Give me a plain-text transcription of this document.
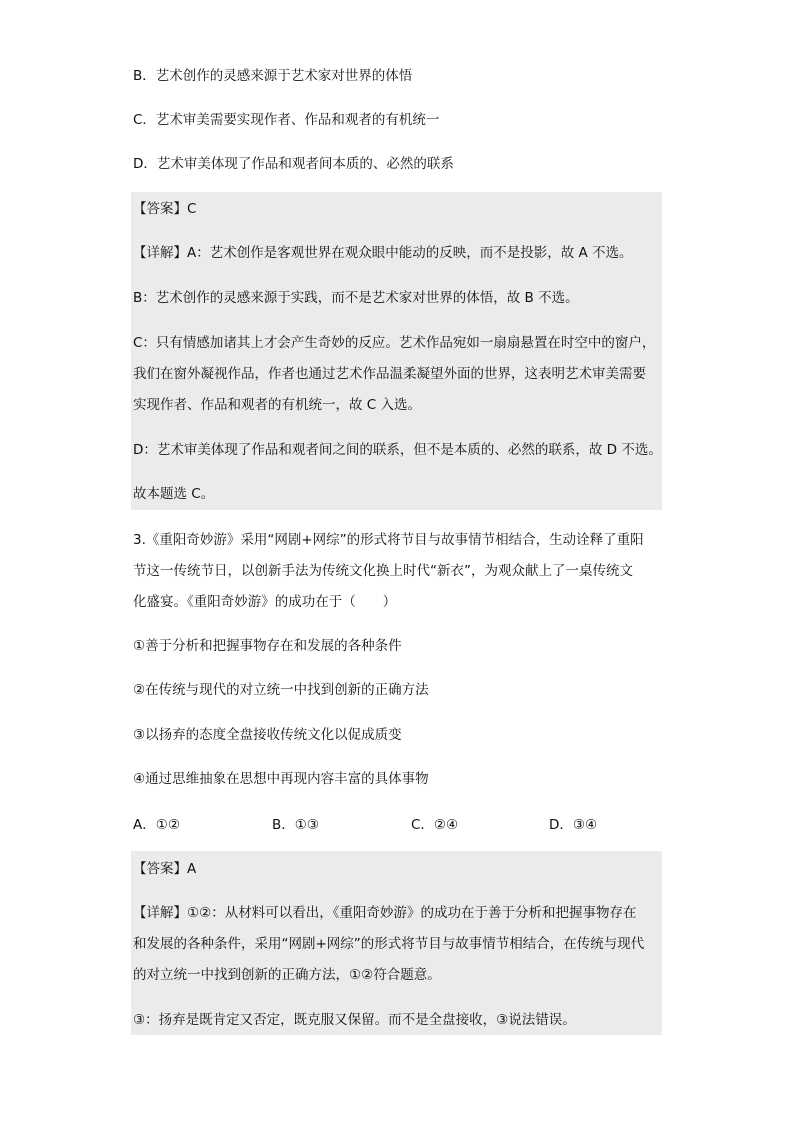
B．艺术创作的灵感来源于艺术家对世界的体悟
C．艺术审美需要实现作者、作品和观者的有机统一
D．艺术审美体现了作品和观者间本质的、必然的联系
【答案】C
【详解】A：艺术创作是客观世界在观众眼中能动的反映，而不是投影，故 A 不选。
B：艺术创作的灵感来源于实践，而不是艺术家对世界的体悟，故 B 不选。
C：只有情感加诸其上才会产生奇妙的反应。艺术作品宛如一扇扇悬置在时空中的窗户，
我们在窗外凝视作品，作者也通过艺术作品温柔凝望外面的世界，这表明艺术审美需要
实现作者、作品和观者的有机统一，故 C 入选。
D：艺术审美体现了作品和观者间之间的联系，但不是本质的、必然的联系，故 D 不选。
故本题选 C。
3.《重阳奇妙游》采用“网剧+网综”的形式将节目与故事情节相结合，生动诠释了重阳
节这一传统节日，以创新手法为传统文化换上时代“新衣”，为观众献上了一桌传统文
化盛宴。《重阳奇妙游》的成功在于（　　）
①善于分析和把握事物存在和发展的各种条件
②在传统与现代的对立统一中找到创新的正确方法
③以扬弃的态度全盘接收传统文化以促成质变
④通过思维抽象在思想中再现内容丰富的具体事物
A．①②	B．①③	C．②④	D．③④
【答案】A
【详解】①②：从材料可以看出，《重阳奇妙游》的成功在于善于分析和把握事物存在
和发展的各种条件，采用“网剧+网综”的形式将节目与故事情节相结合，在传统与现代
的对立统一中找到创新的正确方法，①②符合题意。
③：扬弃是既肯定又否定，既克服又保留。而不是全盘接收，③说法错误。
